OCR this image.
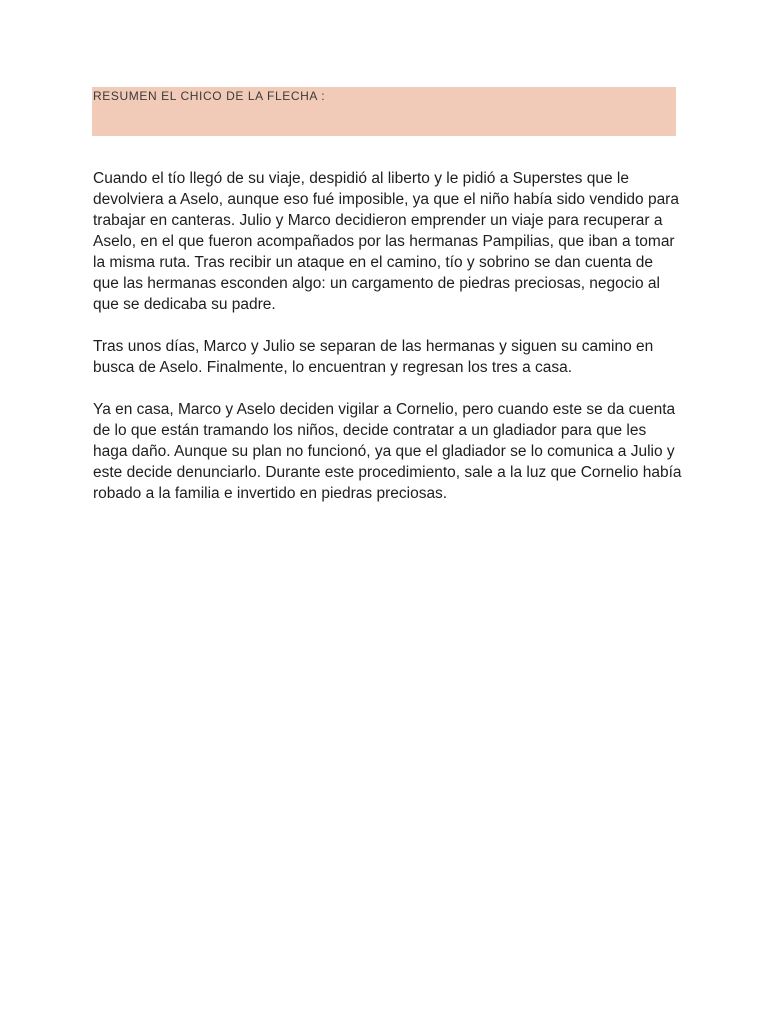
RESUMEN EL CHICO DE LA FLECHA :

Cuando el tío llegó de su viaje, despidió al liberto y le pidió a Superstes que le devolviera a Aselo, aunque eso fué imposible, ya que el niño había sido vendido para trabajar en canteras. Julio y Marco decidieron emprender un viaje para recuperar a Aselo, en el que fueron acompañados por las hermanas Pampilias, que iban a tomar la misma ruta. Tras recibir un ataque en el camino, tío y sobrino se dan cuenta de que las hermanas esconden algo: un cargamento de piedras preciosas, negocio al que se dedicaba su padre.

Tras unos días, Marco y Julio se separan de las hermanas y siguen su camino en busca de Aselo. Finalmente, lo encuentran y regresan los tres a casa.

Ya en casa, Marco y Aselo deciden vigilar a Cornelio, pero cuando este se da cuenta de lo que están tramando los niños, decide contratar a un gladiador para que les haga daño. Aunque su plan no funcionó, ya que el gladiador se lo comunica a Julio y este decide denunciarlo. Durante este procedimiento, sale a la luz que Cornelio había robado a la familia e invertido en piedras preciosas.
